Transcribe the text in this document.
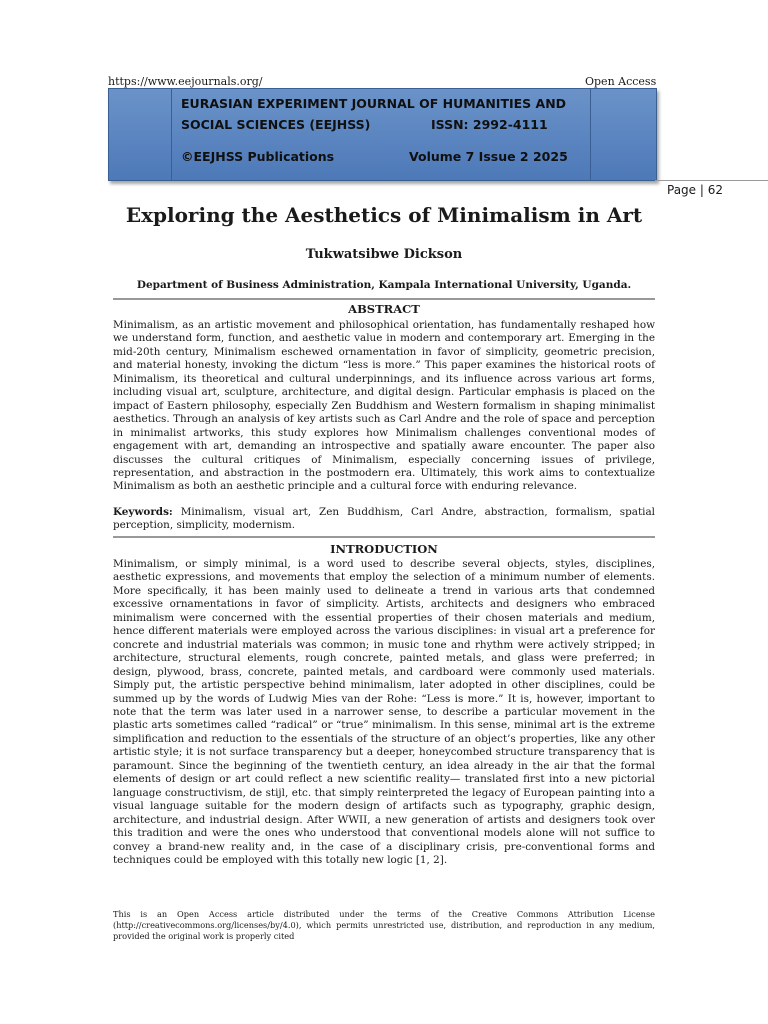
https://www.eejournals.org/	Open Access
EURASIAN EXPERIMENT JOURNAL OF HUMANITIES AND
SOCIAL SCIENCES (EEJHSS)	ISSN: 2992-4111
©EEJHSS Publications	Volume 7 Issue 2 2025
Page | 62
Exploring the Aesthetics of Minimalism in Art
Tukwatsibwe Dickson
Department of Business Administration, Kampala International University, Uganda.
ABSTRACT

Minimalism, as an artistic movement and philosophical orientation, has fundamentally reshaped how we understand form, function, and aesthetic value in modern and contemporary art. Emerging in the mid-20th century, Minimalism eschewed ornamentation in favor of simplicity, geometric precision, and material honesty, invoking the dictum “less is more.” This paper examines the historical roots of Minimalism, its theoretical and cultural underpinnings, and its influence across various art forms, including visual art, sculpture, architecture, and digital design. Particular emphasis is placed on the impact of Eastern philosophy, especially Zen Buddhism and Western formalism in shaping minimalist aesthetics. Through an analysis of key artists such as Carl Andre and the role of space and perception in minimalist artworks, this study explores how Minimalism challenges conventional modes of engagement with art, demanding an introspective and spatially aware encounter. The paper also discusses the cultural critiques of Minimalism, especially concerning issues of privilege, representation, and abstraction in the postmodern era. Ultimately, this work aims to contextualize Minimalism as both an aesthetic principle and a cultural force with enduring relevance.

Keywords: Minimalism, visual art, Zen Buddhism, Carl Andre, abstraction, formalism, spatial perception, simplicity, modernism.

INTRODUCTION

Minimalism, or simply minimal, is a word used to describe several objects, styles, disciplines, aesthetic expressions, and movements that employ the selection of a minimum number of elements. More specifically, it has been mainly used to delineate a trend in various arts that condemned excessive ornamentations in favor of simplicity. Artists, architects and designers who embraced minimalism were concerned with the essential properties of their chosen materials and medium, hence different materials were employed across the various disciplines: in visual art a preference for concrete and industrial materials was common; in music tone and rhythm were actively stripped; in architecture, structural elements, rough concrete, painted metals, and glass were preferred; in design, plywood, brass, concrete, painted metals, and cardboard were commonly used materials. Simply put, the artistic perspective behind minimalism, later adopted in other disciplines, could be summed up by the words of Ludwig Mies van der Rohe: “Less is more.” It is, however, important to note that the term was later used in a narrower sense, to describe a particular movement in the plastic arts sometimes called “radical” or “true” minimalism. In this sense, minimal art is the extreme simplification and reduction to the essentials of the structure of an object’s properties, like any other artistic style; it is not surface transparency but a deeper, honeycombed structure transparency that is paramount. Since the beginning of the twentieth century, an idea already in the air that the formal elements of design or art could reflect a new scientific reality— translated first into a new pictorial language constructivism, de stijl, etc. that simply reinterpreted the legacy of European painting into a visual language suitable for the modern design of artifacts such as typography, graphic design, architecture, and industrial design. After WWII, a new generation of artists and designers took over this tradition and were the ones who understood that conventional models alone will not suffice to convey a brand-new reality and, in the case of a disciplinary crisis, pre-conventional forms and techniques could be employed with this totally new logic [1, 2].

This is an Open Access article distributed under the terms of the Creative Commons Attribution License (http://creativecommons.org/licenses/by/4.0), which permits unrestricted use, distribution, and reproduction in any medium, provided the original work is properly cited
